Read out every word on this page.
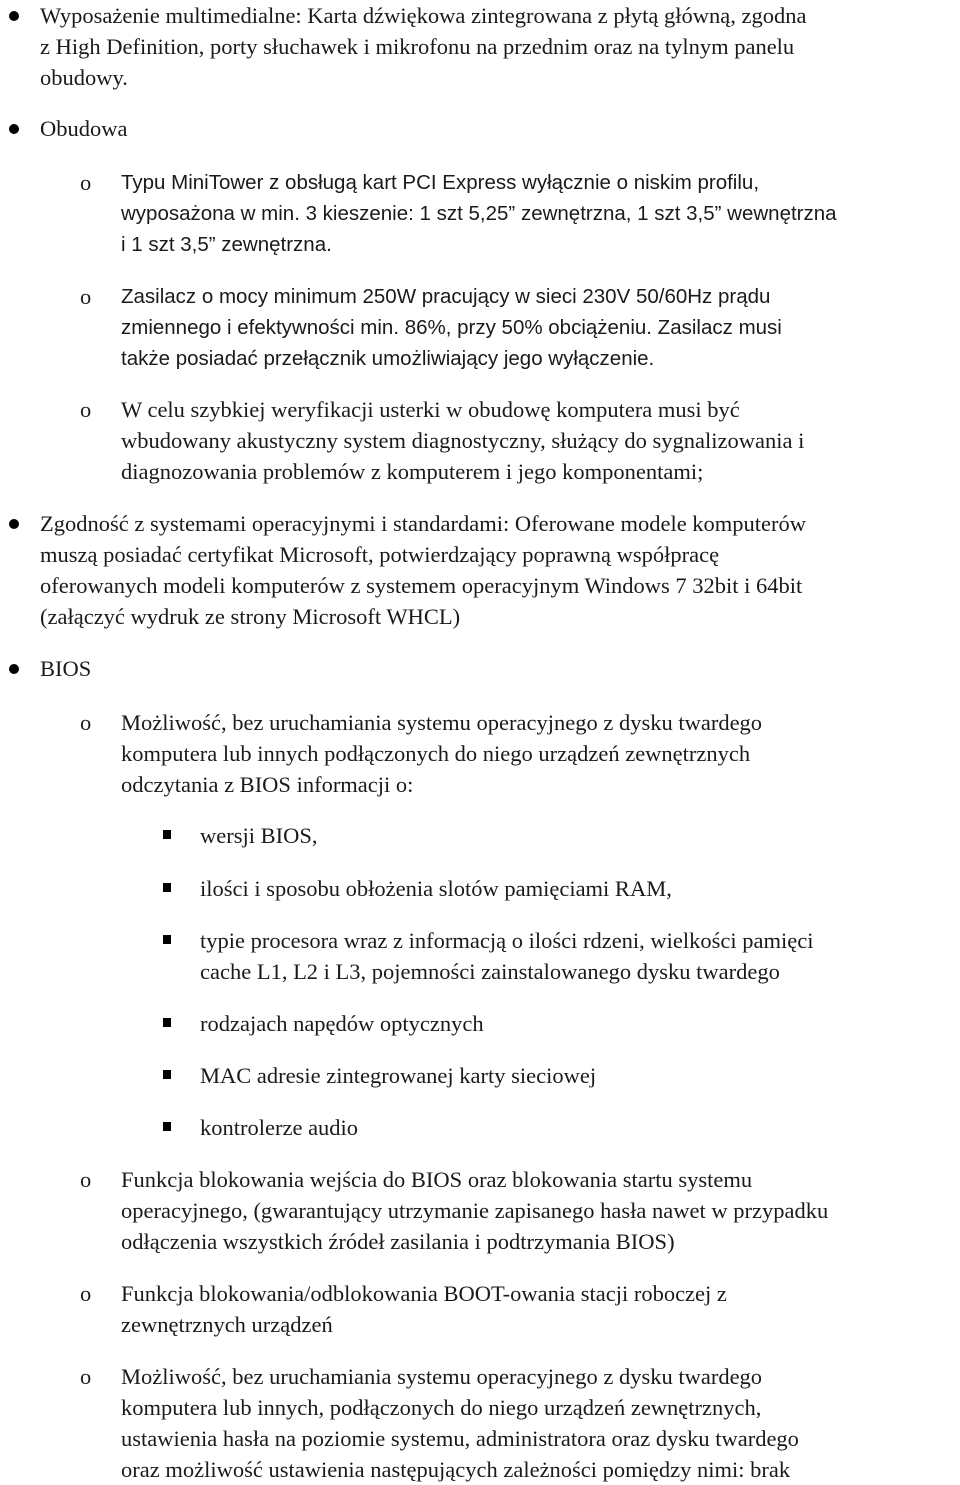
Wyposażenie multimedialne: Karta dźwiękowa zintegrowana z płytą główną, zgodna
z High Definition, porty słuchawek i mikrofonu na przednim oraz na tylnym panelu
obudowy.
Obudowa
o Typu MiniTower z obsługą kart PCI Express wyłącznie o niskim profilu,
wyposażona w min. 3 kieszenie: 1 szt 5,25” zewnętrzna, 1 szt 3,5” wewnętrzna
i 1 szt 3,5” zewnętrzna.
o Zasilacz o mocy minimum 250W pracujący w sieci 230V 50/60Hz prądu
zmiennego i efektywności min. 86%, przy 50% obciążeniu. Zasilacz musi
także posiadać przełącznik umożliwiający jego wyłączenie.
o W celu szybkiej weryfikacji usterki w obudowę komputera musi być
wbudowany akustyczny system diagnostyczny, służący do sygnalizowania i
diagnozowania problemów z komputerem i jego komponentami;
Zgodność z systemami operacyjnymi i standardami: Oferowane modele komputerów
muszą posiadać certyfikat Microsoft, potwierdzający poprawną współpracę
oferowanych modeli komputerów z systemem operacyjnym Windows 7 32bit i 64bit
(załączyć wydruk ze strony Microsoft WHCL)
BIOS
o Możliwość, bez uruchamiania systemu operacyjnego z dysku twardego
komputera lub innych podłączonych do niego urządzeń zewnętrznych
odczytania z BIOS informacji o:
wersji BIOS,
ilości i sposobu obłożenia slotów pamięciami RAM,
typie procesora wraz z informacją o ilości rdzeni, wielkości pamięci
cache L1, L2 i L3, pojemności zainstalowanego dysku twardego
rodzajach napędów optycznych
MAC adresie zintegrowanej karty sieciowej
kontrolerze audio
o Funkcja blokowania wejścia do BIOS oraz blokowania startu systemu
operacyjnego, (gwarantujący utrzymanie zapisanego hasła nawet w przypadku
odłączenia wszystkich źródeł zasilania i podtrzymania BIOS)
o Funkcja blokowania/odblokowania BOOT-owania stacji roboczej z
zewnętrznych urządzeń
o Możliwość, bez uruchamiania systemu operacyjnego z dysku twardego
komputera lub innych, podłączonych do niego urządzeń zewnętrznych,
ustawienia hasła na poziomie systemu, administratora oraz dysku twardego
oraz możliwość ustawienia następujących zależności pomiędzy nimi: brak
